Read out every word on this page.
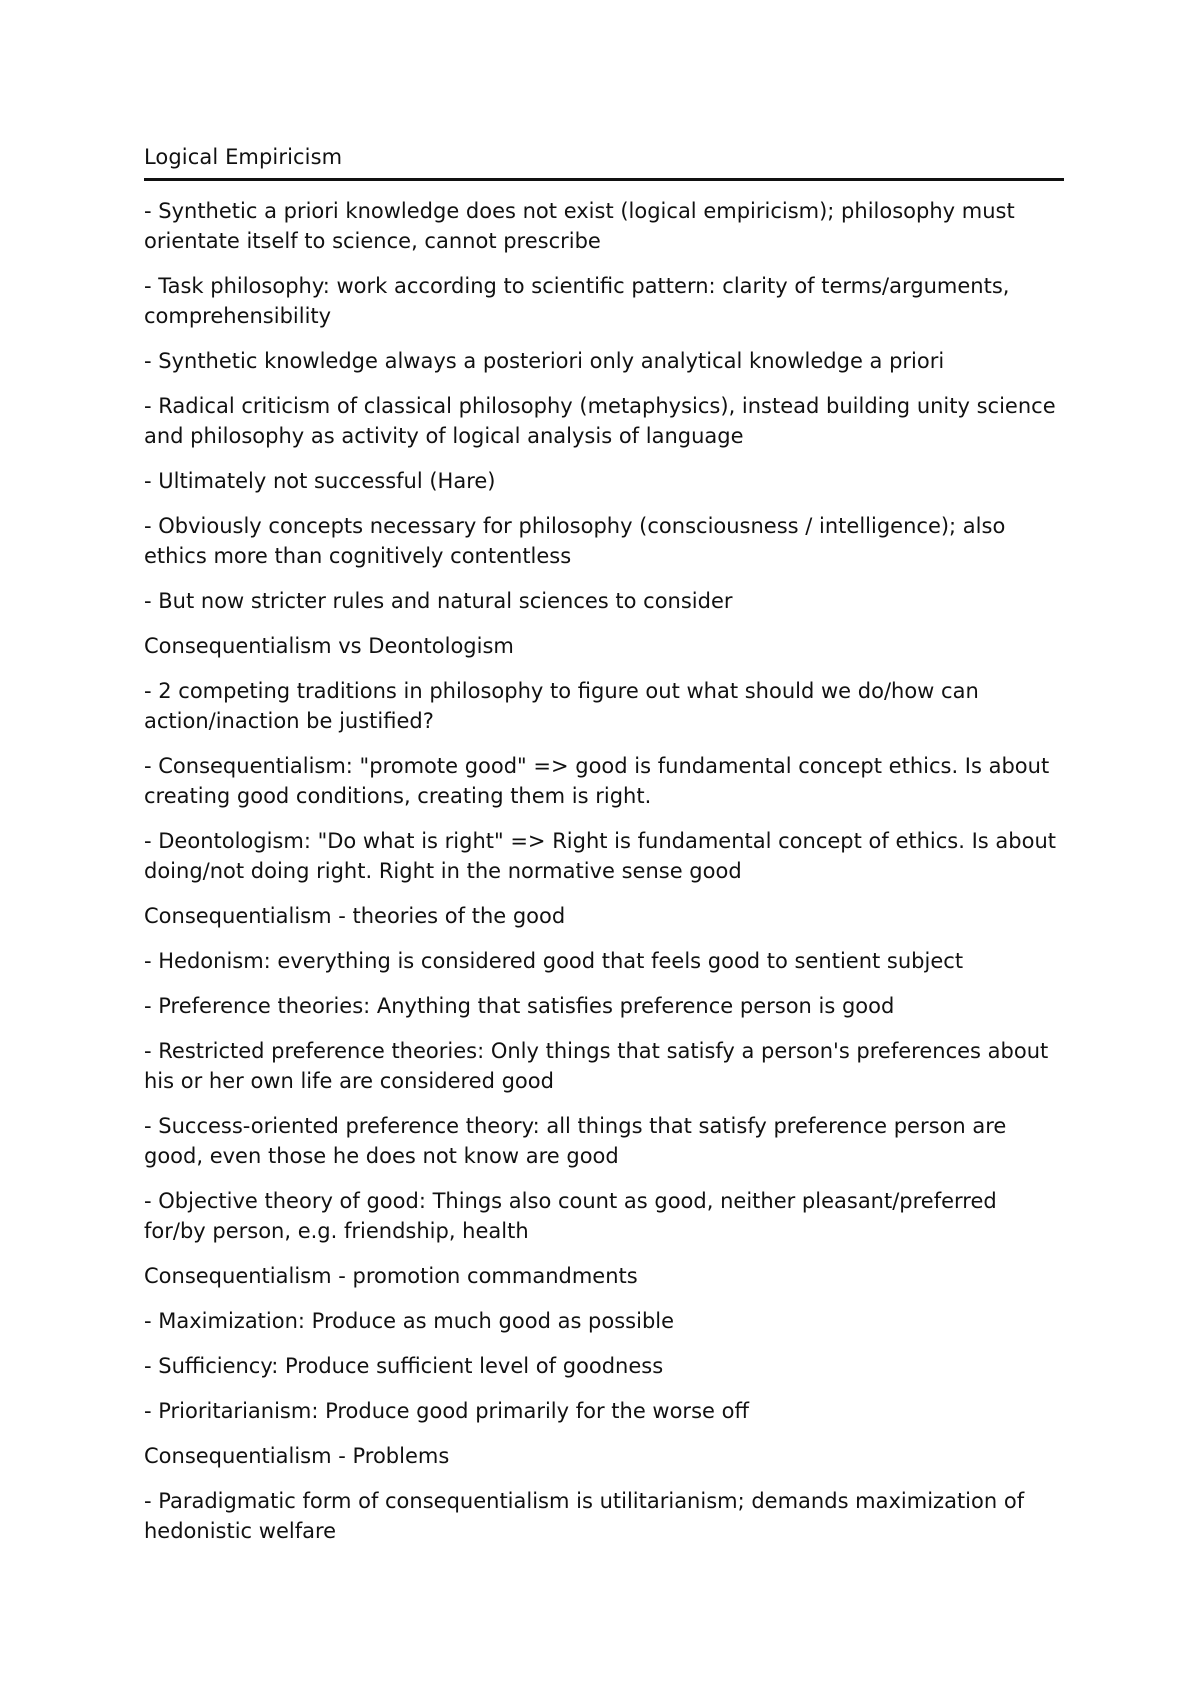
Logical Empiricism
- Synthetic a priori knowledge does not exist (logical empiricism); philosophy must orientate itself to science, cannot prescribe
- Task philosophy: work according to scientific pattern: clarity of terms/arguments, comprehensibility
- Synthetic knowledge always a posteriori only analytical knowledge a priori
- Radical criticism of classical philosophy (metaphysics), instead building unity science and philosophy as activity of logical analysis of language
- Ultimately not successful (Hare)
- Obviously concepts necessary for philosophy (consciousness / intelligence); also ethics more than cognitively contentless
- But now stricter rules and natural sciences to consider
Consequentialism vs Deontologism
- 2 competing traditions in philosophy to figure out what should we do/how can action/inaction be justified?
- Consequentialism: "promote good" => good is fundamental concept ethics. Is about creating good conditions, creating them is right.
- Deontologism: "Do what is right" => Right is fundamental concept of ethics. Is about doing/not doing right. Right in the normative sense good
Consequentialism - theories of the good
- Hedonism: everything is considered good that feels good to sentient subject
- Preference theories: Anything that satisfies preference person is good
- Restricted preference theories: Only things that satisfy a person's preferences about his or her own life are considered good
- Success-oriented preference theory: all things that satisfy preference person are good, even those he does not know are good
- Objective theory of good: Things also count as good, neither pleasant/preferred for/by person, e.g. friendship, health
Consequentialism - promotion commandments
- Maximization: Produce as much good as possible
- Sufficiency: Produce sufficient level of goodness
- Prioritarianism: Produce good primarily for the worse off
Consequentialism - Problems
- Paradigmatic form of consequentialism is utilitarianism; demands maximization of hedonistic welfare
